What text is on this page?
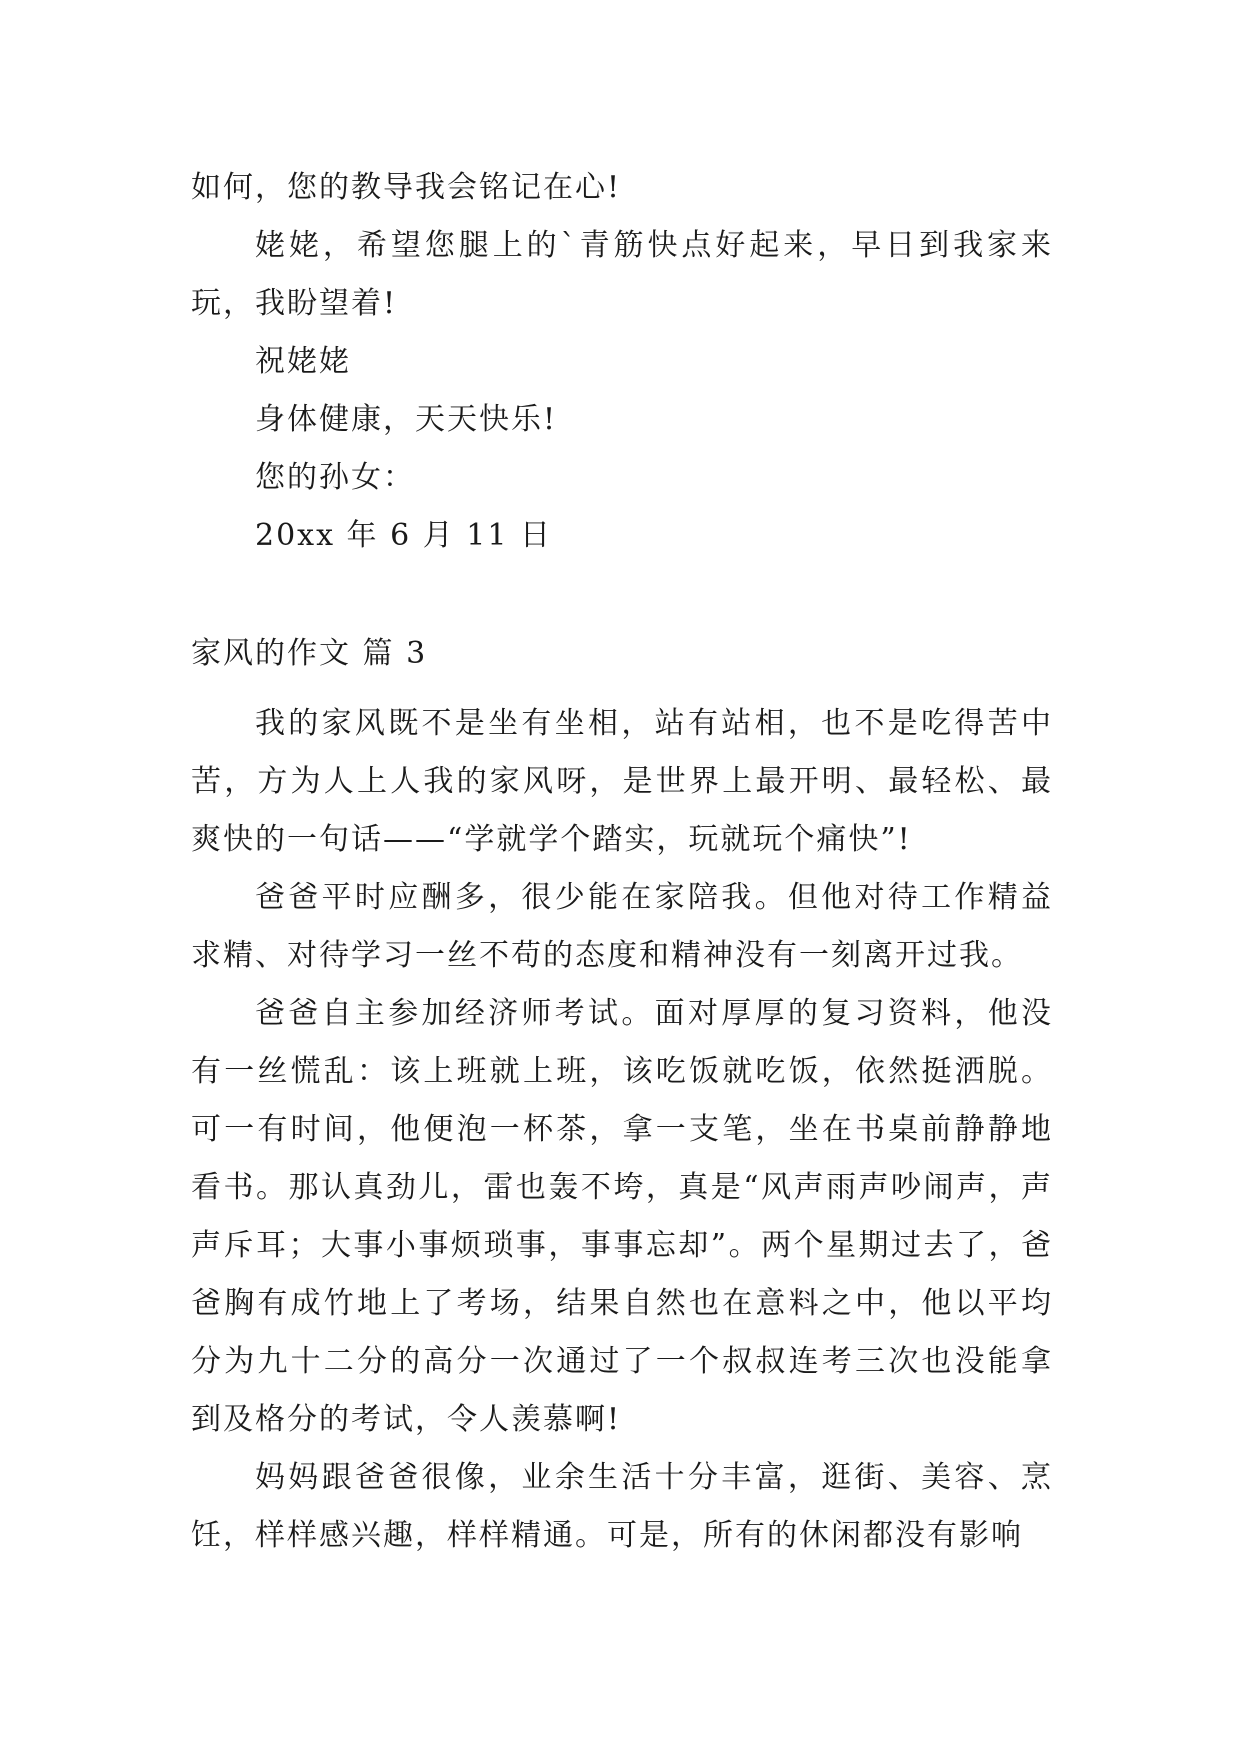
如何，您的教导我会铭记在心!

姥姥，希望您腿上的`青筋快点好起来，早日到我家来玩，我盼望着!

祝姥姥

身体健康，天天快乐!

您的孙女：

20xx 年 6 月 11 日

家风的作文 篇 3

我的家风既不是坐有坐相，站有站相，也不是吃得苦中苦，方为人上人我的家风呀，是世界上最开明、最轻松、最爽快的一句话——“学就学个踏实，玩就玩个痛快”!

爸爸平时应酬多，很少能在家陪我。但他对待工作精益求精、对待学习一丝不苟的态度和精神没有一刻离开过我。

爸爸自主参加经济师考试。面对厚厚的复习资料，他没有一丝慌乱：该上班就上班，该吃饭就吃饭，依然挺洒脱。可一有时间，他便泡一杯茶，拿一支笔，坐在书桌前静静地看书。那认真劲儿，雷也轰不垮，真是“风声雨声吵闹声，声声斥耳；大事小事烦琐事，事事忘却”。两个星期过去了，爸爸胸有成竹地上了考场，结果自然也在意料之中，他以平均分为九十二分的高分一次通过了一个叔叔连考三次也没能拿到及格分的考试，令人羡慕啊!

妈妈跟爸爸很像，业余生活十分丰富，逛街、美容、烹饪，样样感兴趣，样样精通。可是，所有的休闲都没有影响
